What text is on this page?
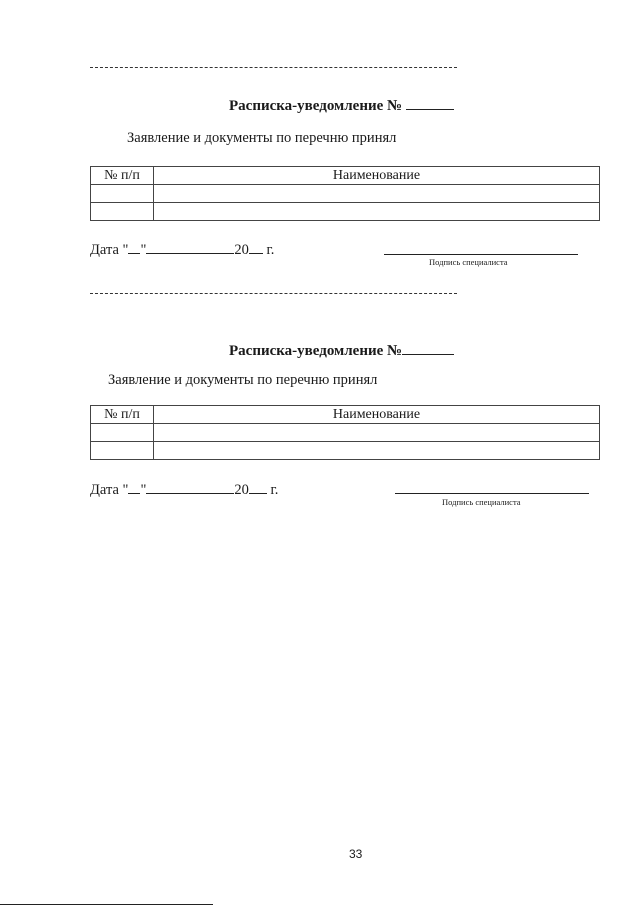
Расписка-уведомление №
Заявление и документы по перечню принял
№ п/п	Наименование

Дата " "	20 г.
Подпись специалиста
Расписка-уведомление №
Заявление и документы по перечню принял
№ п/п	Наименование

Дата " "	20 г.
Подпись специалиста
33
